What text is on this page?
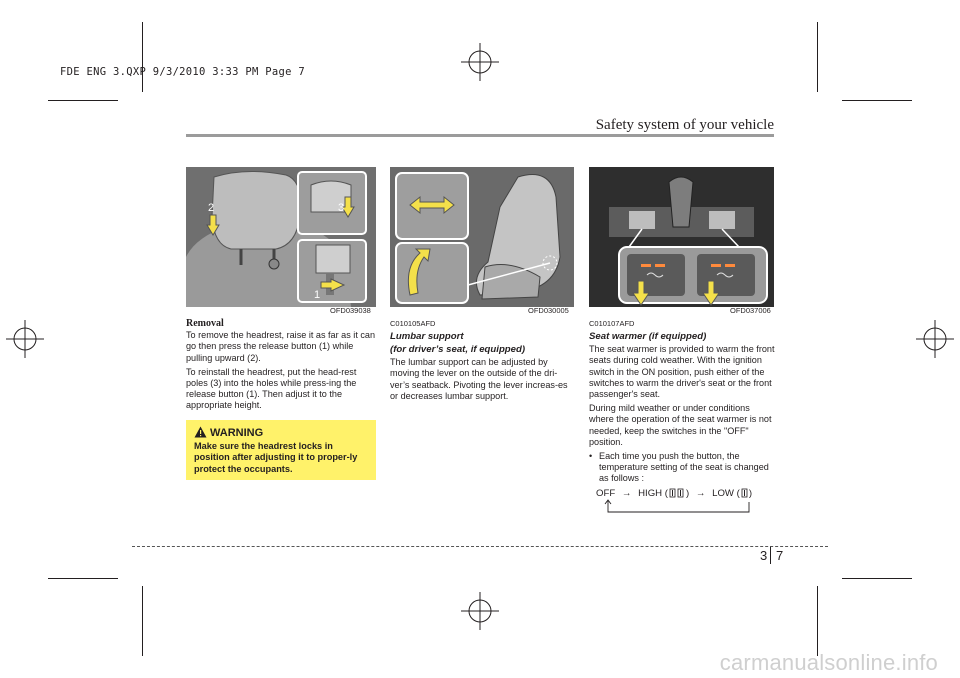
FDE ENG 3.QXP 9/3/2010 3:33 PM Page 7
Safety system of your vehicle
2	3
1
OFD039038	OFD030005	OFD037006
Removal

To remove the headrest, raise it as far as it can go then press the release button (1) while pulling upward (2).

To reinstall the headrest, put the head-rest poles (3) into the holes while press-ing the release button (1). Then adjust it to the appropriate height.

WARNING
Make sure the headrest locks in position after adjusting it to proper-ly protect the occupants.
C010105AFD
Lumbar support
(for driver’s seat, if equipped)

The lumbar support can be adjusted by moving the lever on the outside of the dri-ver’s seatback. Pivoting the lever increas-es or decreases lumbar support.

C010107AFD
Seat warmer (if equipped)

The seat warmer is provided to warm the front seats during cold weather. With the ignition switch in the ON position, push either of the switches to warm the driver's seat or the front passenger's seat.

During mild weather or under conditions where the operation of the seat warmer is not needed, keep the switches in the "OFF" position.

• Each time you push the button, the temperature setting of the seat is changed as follows :
OFF → HIGH ( ) → LOW ( )
3 7
carmanualsonline.info
